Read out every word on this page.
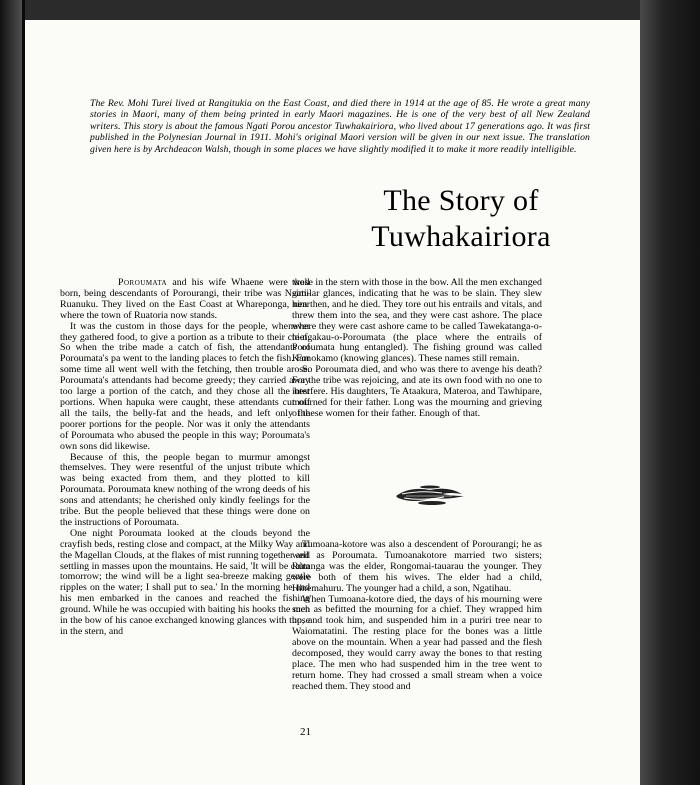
The Rev. Mohi Turei lived at Rangitukia on the East Coast, and died there in 1914 at the age of 85. He wrote a great many stories in Maori, many of them being printed in early Maori magazines. He is one of the very best of all New Zealand writers. This story is about the famous Ngati Porou ancestor Tuwhakairiora, who lived about 17 generations ago. It was first published in the Polynesian Journal in 1911. Mohi's original Maori version will be given in our next issue. The translation given here is by Archdeacon Walsh, though in some places we have slightly modified it to make it more readily intelligible.

The Story of
Tuwhakairiora

Poroumata and his wife Whaene were well born, being descendants of Porourangi, their tribe was Ngati-Ruanuku. They lived on the East Coast at Whareponga, near where the town of Ruatoria now stands.

It was the custom in those days for the people, whenever they gathered food, to give a portion as a tribute to their chief. So when the tribe made a catch of fish, the attendants of Poroumata's pa went to the landing places to fetch the fish. For some time all went well with the fetching, then trouble arose. Poroumata's attendants had become greedy; they carried away too large a portion of the catch, and they chose all the best portions. When hapuka were caught, these attendants cut off all the tails, the belly-fat and the heads, and left only the poorer portions for the people. Nor was it only the attendants of Poroumata who abused the people in this way; Poroumata's own sons did likewise.

Because of this, the people began to murmur amongst themselves. They were resentful of the unjust tribute which was being exacted from them, and they plotted to kill Poroumata. Poroumata knew nothing of the wrong deeds of his sons and attendants; he cherished only kindly feelings for the tribe. But the people believed that these things were done on the instructions of Poroumata.

One night Poroumata looked at the clouds beyond the crayfish beds, resting close and compact, at the Milky Way and the Magellan Clouds, at the flakes of mist running together and settling in masses upon the mountains. He said, 'It will be calm tomorrow; the wind will be a light sea-breeze making gentle ripples on the water; I shall put to sea.' In the morning he and his men embarked in the canoes and reached the fishing ground. While he was occupied with baiting his hooks the men in the bow of his canoe exchanged knowing glances with those in the stern, and

those in the stern with those in the bow. All the men exchanged similar glances, indicating that he was to be slain. They slew him then, and he died. They tore out his entrails and vitals, and threw them into the sea, and they were cast ashore. The place where they were cast ashore came to be called Tawekatanga-o-te-ngakau-o-Poroumata (the place where the entrails of Poroumata hung entangled). The fishing ground was called Kamokamo (knowing glances). These names still remain.

So Poroumata died, and who was there to avenge his death? For the tribe was rejoicing, and ate its own food with no one to interfere. His daughters, Te Ataakura, Materoa, and Tawhipare, mourned for their father. Long was the mourning and grieving of these women for their father. Enough of that.

Tumoana-kotore was also a descendent of Porourangi; he as well as Poroumata. Tumoanakotore married two sisters; Rutanga was the elder, Rongomai-tauarau the younger. They were both of them his wives. The elder had a child, Hinemahuru. The younger had a child, a son, Ngatihau.

When Tumoana-kotore died, the days of his mourning were such as befitted the mourning for a chief. They wrapped him up, and took him, and suspended him in a puriri tree near to Waiomatatini. The resting place for the bones was a little above on the mountain. When a year had passed and the flesh decomposed, they would carry away the bones to that resting place. The men who had suspended him in the tree went to return home. They had crossed a small stream when a voice reached them. They stood and

21
